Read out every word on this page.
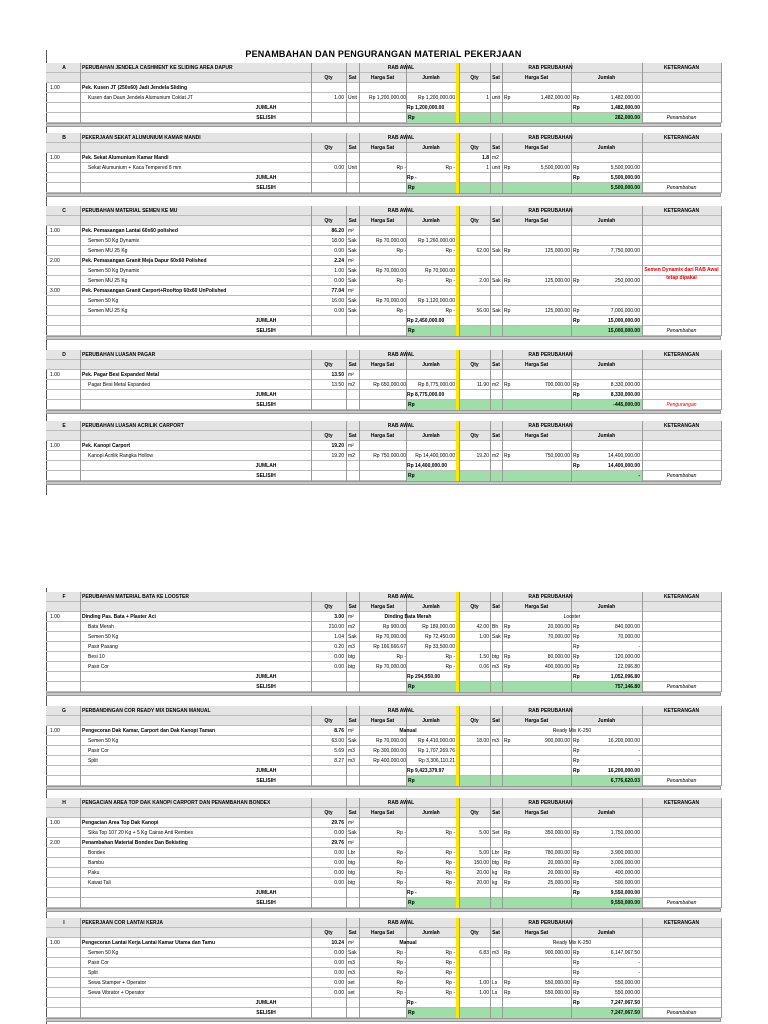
PENAMBAHAN DAN PENGURANGAN MATERIAL PEKERJAAN
A	PERUBAHAN JENDELA CASHMENT KE SLIDING AREA DAPUR	RAB AWAL	RAB PERUBAHAN	KETERANGAN
Qty	Sat	Harga Sat	Jumlah	Qty	Sat	Harga Sat	Jumlah
1.00	Pek. Kusen JT (250x60) Jadi Jendela Sliding
Kusen dan Daun Jendela Alumunium Coklat JT	1.00 Unit	Rp 1,200,000.00	Rp 1,200,000.00	1 unit Rp	1,482,000.00 Rp	1,482,000.00
JUMLAH	Rp 1,200,000.00	Rp	1,482,000.00
SELISIH	Rp	282,000.00	Penambahan
B	PEKERJAAN SEKAT ALUMUNIUM KAMAR MANDI	RAB AWAL	RAB PERUBAHAN	KETERANGAN
Qty	Sat	Harga Sat	Jumlah	Qty	Sat	Harga Sat	Jumlah
1.00	Pek. Sekat Alumunium Kamar Mandi	1.8 m2
Sekat Alumunium + Kaca Tempered 8 mm	0.00 Unit	Rp -	Rp -	1 unit Rp	5,500,000.00 Rp	5,500,000.00
JUMLAH	Rp -	Rp	5,500,000.00
SELISIH	Rp	5,500,000.00	Penambahan
C	PERUBAHAN MATERIAL SEMEN KE MU	RAB AWAL	RAB PERUBAHAN	KETERANGAN
Qty	Sat	Harga Sat	Jumlah	Qty	Sat	Harga Sat	Jumlah
1.00	Pek. Pemasangan Lantai 60x60 polished	86.20 m²
Semen 50 Kg Dynamix	18.00 Sak	Rp 70,000.00	Rp 1,260,000.00
Semen MU 25 Kg	0.00 Sak	Rp -	Rp -	62.00 Sak Rp	125,000.00 Rp	7,750,000.00
2.00	Pek. Pemasangan Granit Meja Dapur 60x60 Polished	2.24 m²
Semen 50 Kg Dynamix	1.00 Sak	Rp 70,000.00	Rp 70,000.00
Semen MU 25 Kg	0.00 Sak	Rp -	Rp -	2.00 Sak Rp	125,000.00 Rp	250,000.00
3.00	Pek. Pemasangan Granit Carport+Rooftop 60x60 UnPolished	77.04 m²
Semen 50 Kg	16.00 Sak	Rp 70,000.00	Rp 1,120,000.00
Semen MU 25 Kg	0.00 Sak	Rp -	Rp -	56.00 Sak Rp	125,000.00 Rp	7,000,000.00
JUMLAH	Rp 2,450,000.00	Rp	15,000,000.00
SELISIH	Rp	15,000,000.00	Penambahan
Semen Dynamix dari RAB Awal tetap dipakai
D	PERUBAHAN LUASAN PAGAR	RAB AWAL	RAB PERUBAHAN	KETERANGAN
Qty	Sat	Harga Sat	Jumlah	Qty	Sat	Harga Sat	Jumlah
1.00	Pek. Pagar Besi Expanded Metal	13.50 m²
Pagar Besi Metal Expanded	13.50 m2	Rp 650,000.00	Rp 8,775,000.00	11.90 m2	Rp	700,000.00 Rp	8,330,000.00
JUMLAH	Rp 8,775,000.00	Rp	8,330,000.00
SELISIH	Rp	-445,000.00	Pengurangan
E	PERUBAHAN LUASAN ACRILIK CARPORT	RAB AWAL	RAB PERUBAHAN	KETERANGAN
Qty	Sat	Harga Sat	Jumlah	Qty	Sat	Harga Sat	Jumlah
1.00	Pek. Kanopi Carport	19.20 m²
Kanopi Acrilik Rangka Hollow	19.20 m2	Rp 750,000.00	Rp 14,400,000.00	19.20 m2	Rp	750,000.00 Rp	14,400,000.00
JUMLAH	Rp 14,400,000.00	Rp	14,400,000.00
SELISIH	Rp	-	Penambahan
F	PERUBAHAN MATERIAL BATA KE LOOSTER	RAB AWAL	RAB PERUBAHAN	KETERANGAN
Qty	Sat	Harga Sat	Jumlah	Qty	Sat	Harga Sat	Jumlah
1.00	Dinding Pas. Bata + Plaster Aci	3.00 m²	Dinding Bata Merah	Looster
Bata Merah	210.00 m2	Rp 900.00	Rp 189,000.00	42.00 Bh	Rp	20,000.00 Rp	840,000.00
Semen 50 Kg	1.04 Sak	Rp 70,000.00	Rp 72,450.00	1.00 Sak Rp	70,000.00 Rp	70,000.00
Pasir Pasang	0.20 m3	Rp 166,666.67	Rp 33,500.00	Rp	-
Besi 10	0.00 btg	Rp -	Rp -	1.50 btg	Rp	80,000.00 Rp	120,000.00
Pasir Cor	0.00 btg	Rp 70,000.00	Rp -	0.06 m3	Rp	400,000.00 Rp	22,096.80
JUMLAH	Rp 294,950.00	Rp	1,052,096.80
SELISIH	Rp	757,146.80	Penambahan
G	PERBANDINGAN COR READY MIX DENGAN MANUAL	RAB AWAL	RAB PERUBAHAN	KETERANGAN
Qty	Sat	Harga Sat	Jumlah	Qty	Sat	Harga Sat	Jumlah
1.00	Pengecoran Dak Kamar, Carport dan Dak Kanopi Taman	8.76 m²	Manual	Ready Mix K-250
Semen 50 Kg	63.00 Sak	Rp 70,000.00	Rp 4,410,000.00	18.00 m3	Rp	900,000.00 Rp	16,200,000.00
Pasir Cor	5.69 m3	Rp 300,000.00	Rp 1,707,269.76	Rp	-
Split	8.27 m3	Rp 400,000.00	Rp 3,306,110.21	Rp	-
JUMLAH	Rp 9,423,379.97	Rp	16,200,000.00
SELISIH	Rp	6,776,620.03	Penambahan
H	PENGACIAN AREA TOP DAK KANOPI CARPORT DAN PENAMBAHAN BONDEX	RAB AWAL	RAB PERUBAHAN	KETERANGAN
Qty	Sat	Harga Sat	Jumlah	Qty	Sat	Harga Sat	Jumlah
1.00	Pengacian Area Top Dak Kanopi	29.76 m²
Sika Top 107 20 Kg + 5 Kg Cairan Anti Rembes	0.00 Sak	Rp -	Rp -	5.00 Set Rp	350,000.00 Rp	1,750,000.00
2.00	Penambahan Material Bondex Dan Bekisting	29.76 m²
Bondex	0.00 Lbr	Rp -	Rp -	5.00 Lbr Rp	780,000.00 Rp	3,900,000.00
Bambu	0.00 btg	Rp -	Rp -	150.00 btg	Rp	20,000.00 Rp	3,000,000.00
Paku	0.00 btg	Rp -	Rp -	20.00 kg	Rp	20,000.00 Rp	400,000.00
Kawat Tali	0.00 btg	Rp -	Rp -	20.00 kg	Rp	25,000.00 Rp	500,000.00
JUMLAH	Rp -	Rp	9,550,000.00
SELISIH	Rp	9,550,000.00	Penambahan
I	PEKERJAAN COR LANTAI KERJA	RAB AWAL	RAB PERUBAHAN	KETERANGAN
Qty	Sat	Harga Sat	Jumlah	Qty	Sat	Harga Sat	Jumlah
1.00	Pengecoran Lantai Kerja Lantai Kamar Utama dan Tamu	10.24 m²	Manual	Ready Mix K-250
Semen 50 Kg	0.00 Sak	Rp -	Rp -	6.83 m3	Rp	900,000.00 Rp	6,147,067.50
Pasir Cor	0.00 m3	Rp -	Rp -	Rp	-
Split	0.00 m3	Rp -	Rp -	Rp	-
Sewa Stamper + Operator	0.00 set	Rp -	Rp -	1.00 Ls	Rp	550,000.00 Rp	550,000.00
Sewa Vibrator + Operator	0.00 set	Rp -	Rp -	1.00 Ls	Rp	550,000.00 Rp	550,000.00
JUMLAH	Rp -	Rp	7,247,067.50
SELISIH	Rp	7,247,067.50	Penambahan
